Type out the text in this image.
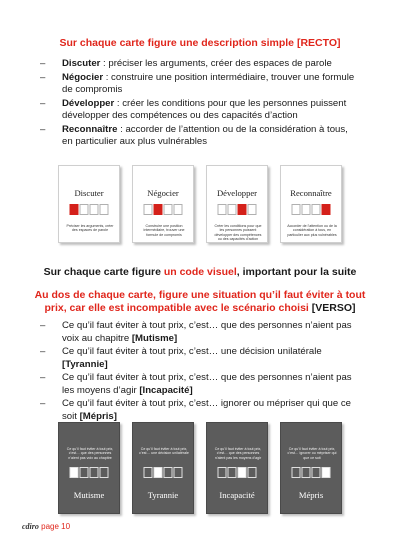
Sur chaque carte figure une description simple [RECTO]
– Discuter : préciser les arguments, créer des espaces de parole
– Négocier : construire une position intermédiaire, trouver une formule de compromis
– Développer : créer les conditions pour que les personnes puissent développer des compétences ou des capacités d’action
– Reconnaître : accorder de l’attention ou de la considération à tous, en particulier aux plus vulnérables
Discuter
Préciser les arguments, créer des espaces de parole
Négocier
Construire une position intermédiaire, trouver une formule de compromis
Développer
Créer les conditions pour que les personnes puissent développer des compétences ou des capacités d’action
Reconnaître
Accorder de l’attention ou de la considération à tous, en particulier aux plus vulnérables
Sur chaque carte figure un code visuel, important pour la suite
Au dos de chaque carte, figure une situation qu’il faut éviter à tout
prix, car elle est incompatible avec le scénario choisi [VERSO]
– Ce qu’il faut éviter à tout prix, c’est… que des personnes n’aient pas voix au chapitre [Mutisme]
– Ce qu’il faut éviter à tout prix, c’est… une décision unilatérale [Tyrannie]
– Ce qu’il faut éviter à tout prix, c’est… que des personnes n’aient pas les moyens d’agir [Incapacité]
– Ce qu’il faut éviter à tout prix, c’est… ignorer ou mépriser qui que ce soit [Mépris]
Ce qu’il faut éviter à tout prix, c’est… que des personnes n’aient pas voix au chapitre
Mutisme
Ce qu’il faut éviter à tout prix, c’est… une décision unilatérale
Tyrannie
Ce qu’il faut éviter à tout prix, c’est… que des personnes n’aient pas les moyens d’agir
Incapacité
Ce qu’il faut éviter à tout prix, c’est… ignorer ou mépriser qui que ce soit
Mépris
cdiro page 10
